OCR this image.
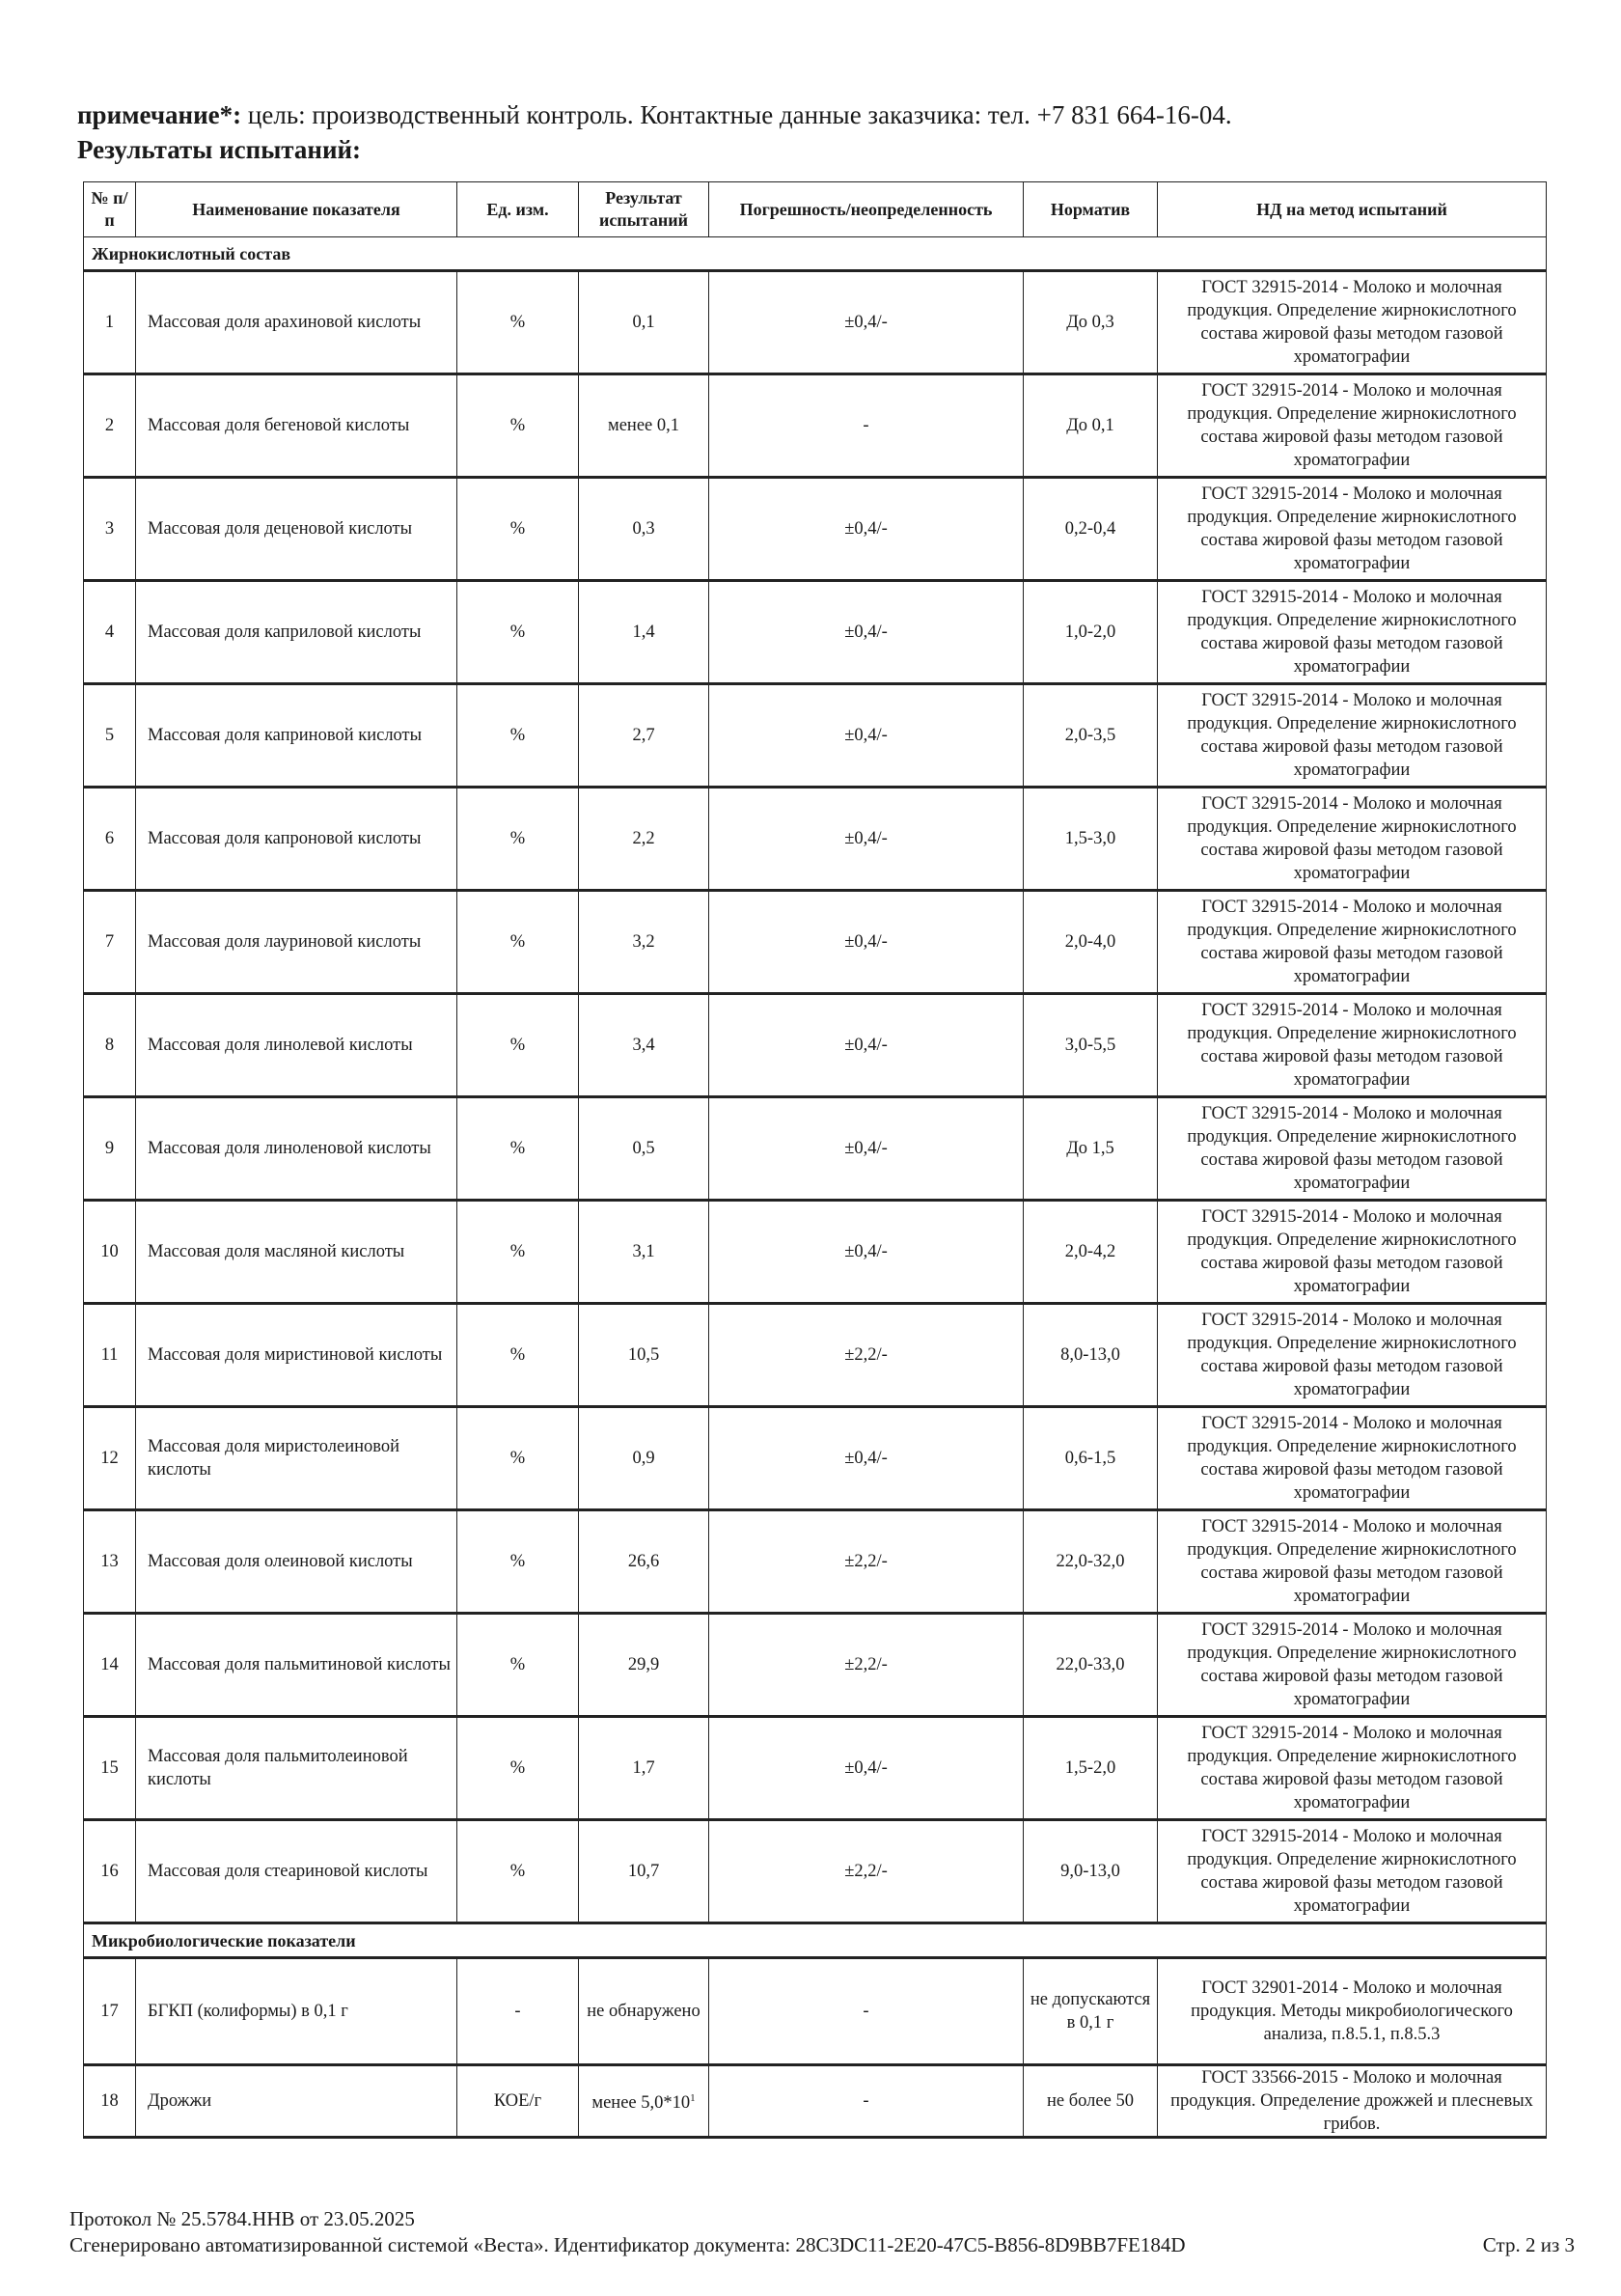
примечание*: цель: производственный контроль. Контактные данные заказчика: тел. +7 831 664-16-04.
Результаты испытаний:
№ п/п	Наименование показателя	Ед. изм.	Результат испытаний	Погрешность/неопределенность	Норматив	НД на метод испытаний
Жирнокислотный состав						
1	Массовая доля арахиновой кислоты	%	0,1	±0,4/-	До 0,3	ГОСТ 32915-2014 - Молоко и молочная продукция. Определение жирнокислотного состава жировой фазы методом газовой хроматографии
2	Массовая доля бегеновой кислоты	%	менее 0,1	-	До 0,1	ГОСТ 32915-2014 - Молоко и молочная продукция. Определение жирнокислотного состава жировой фазы методом газовой хроматографии
3	Массовая доля деценовой кислоты	%	0,3	±0,4/-	0,2-0,4	ГОСТ 32915-2014 - Молоко и молочная продукция. Определение жирнокислотного состава жировой фазы методом газовой хроматографии
4	Массовая доля каприловой кислоты	%	1,4	±0,4/-	1,0-2,0	ГОСТ 32915-2014 - Молоко и молочная продукция. Определение жирнокислотного состава жировой фазы методом газовой хроматографии
5	Массовая доля каприновой кислоты	%	2,7	±0,4/-	2,0-3,5	ГОСТ 32915-2014 - Молоко и молочная продукция. Определение жирнокислотного состава жировой фазы методом газовой хроматографии
6	Массовая доля капроновой кислоты	%	2,2	±0,4/-	1,5-3,0	ГОСТ 32915-2014 - Молоко и молочная продукция. Определение жирнокислотного состава жировой фазы методом газовой хроматографии
7	Массовая доля лауриновой кислоты	%	3,2	±0,4/-	2,0-4,0	ГОСТ 32915-2014 - Молоко и молочная продукция. Определение жирнокислотного состава жировой фазы методом газовой хроматографии
8	Массовая доля линолевой кислоты	%	3,4	±0,4/-	3,0-5,5	ГОСТ 32915-2014 - Молоко и молочная продукция. Определение жирнокислотного состава жировой фазы методом газовой хроматографии
9	Массовая доля линоленовой кислоты	%	0,5	±0,4/-	До 1,5	ГОСТ 32915-2014 - Молоко и молочная продукция. Определение жирнокислотного состава жировой фазы методом газовой хроматографии
10	Массовая доля масляной кислоты	%	3,1	±0,4/-	2,0-4,2	ГОСТ 32915-2014 - Молоко и молочная продукция. Определение жирнокислотного состава жировой фазы методом газовой хроматографии
11	Массовая доля миристиновой кислоты	%	10,5	±2,2/-	8,0-13,0	ГОСТ 32915-2014 - Молоко и молочная продукция. Определение жирнокислотного состава жировой фазы методом газовой хроматографии
12	Массовая доля миристолеиновой кислоты	%	0,9	±0,4/-	0,6-1,5	ГОСТ 32915-2014 - Молоко и молочная продукция. Определение жирнокислотного состава жировой фазы методом газовой хроматографии
13	Массовая доля олеиновой кислоты	%	26,6	±2,2/-	22,0-32,0	ГОСТ 32915-2014 - Молоко и молочная продукция. Определение жирнокислотного состава жировой фазы методом газовой хроматографии
14	Массовая доля пальмитиновой кислоты	%	29,9	±2,2/-	22,0-33,0	ГОСТ 32915-2014 - Молоко и молочная продукция. Определение жирнокислотного состава жировой фазы методом газовой хроматографии
15	Массовая доля пальмитолеиновой кислоты	%	1,7	±0,4/-	1,5-2,0	ГОСТ 32915-2014 - Молоко и молочная продукция. Определение жирнокислотного состава жировой фазы методом газовой хроматографии
16	Массовая доля стеариновой кислоты	%	10,7	±2,2/-	9,0-13,0	ГОСТ 32915-2014 - Молоко и молочная продукция. Определение жирнокислотного состава жировой фазы методом газовой хроматографии
Микробиологические показатели						
17	БГКП (колиформы) в 0,1 г	-	не обнаружено	-	не допускаются в 0,1 г	ГОСТ 32901-2014 - Молоко и молочная продукция. Методы микробиологического анализа, п.8.5.1, п.8.5.3
18	Дрожжи	КОЕ/г	менее $5,0*10^1$	-	не более 50	ГОСТ 33566-2015 - Молоко и молочная продукция. Определение дрожжей и плесневых грибов.
Протокол № 25.5784.ННВ от 23.05.2025
Сгенерировано автоматизированной системой «Веста». Идентификатор документа: 28C3DC11-2E20-47C5-B856-8D9BB7FE184D	Стр. 2 из 3
